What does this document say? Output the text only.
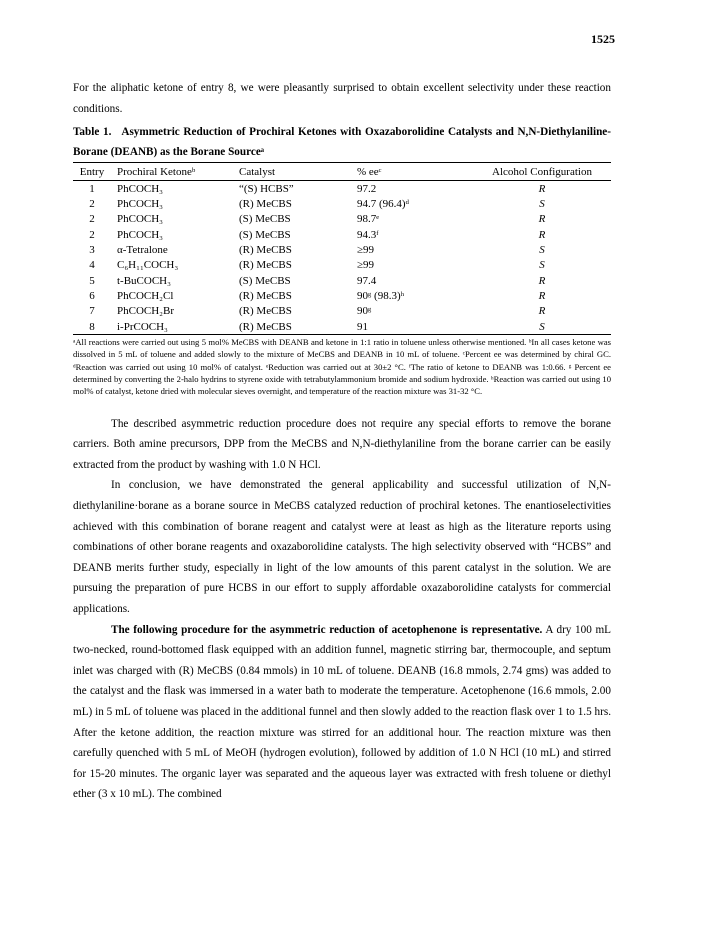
1525

For the aliphatic ketone of entry 8, we were pleasantly surprised to obtain excellent selectivity under these reaction conditions.

Table 1. Asymmetric Reduction of Prochiral Ketones with Oxazaborolidine Catalysts and N,N-Diethylaniline-Borane (DEANB) as the Borane Sourceᵃ

Entry	Prochiral Ketoneᵇ	Catalyst	% eeᶜ	Alcohol Configuration
1	PhCOCH₃	“(S) HCBS”	97.2	R
2	PhCOCH₃	(R) MeCBS	94.7 (96.4)ᵈ	S
2	PhCOCH₃	(S) MeCBS	98.7ᵉ	R
2	PhCOCH₃	(S) MeCBS	94.3ᶠ	R
3	α-Tetralone	(R) MeCBS	≥99	S
4	C₆H₁₁COCH₃	(R) MeCBS	≥99	S
5	t-BuCOCH₃	(S) MeCBS	97.4	R
6	PhCOCH₂Cl	(R) MeCBS	90ᵍ (98.3)ʰ	R
7	PhCOCH₂Br	(R) MeCBS	90ᵍ	R
8	i-PrCOCH₃	(R) MeCBS	91	S

ᵃAll reactions were carried out using 5 mol% MeCBS with DEANB and ketone in 1:1 ratio in toluene unless otherwise mentioned. ᵇIn all cases ketone was dissolved in 5 mL of toluene and added slowly to the mixture of MeCBS and DEANB in 10 mL of toluene. ᶜPercent ee was determined by chiral GC. ᵈReaction was carried out using 10 mol% of catalyst. ᵉReduction was carried out at 30±2 °C. ᶠThe ratio of ketone to DEANB was 1:0.66. ᵍ Percent ee determined by converting the 2-halo hydrins to styrene oxide with tetrabutylammonium bromide and sodium hydroxide. ʰReaction was carried out using 10 mol% of catalyst, ketone dried with molecular sieves overnight, and temperature of the reaction mixture was 31-32 °C.

The described asymmetric reduction procedure does not require any special efforts to remove the borane carriers. Both amine precursors, DPP from the MeCBS and N,N-diethylaniline from the borane carrier can be easily extracted from the product by washing with 1.0 N HCl.

In conclusion, we have demonstrated the general applicability and successful utilization of N,N-diethylaniline·borane as a borane source in MeCBS catalyzed reduction of prochiral ketones. The enantioselectivities achieved with this combination of borane reagent and catalyst were at least as high as the literature reports using combinations of other borane reagents and oxazaborolidine catalysts. The high selectivity observed with “HCBS” and DEANB merits further study, especially in light of the low amounts of this parent catalyst in the solution. We are pursuing the preparation of pure HCBS in our effort to supply affordable oxazaborolidine catalysts for commercial applications.

The following procedure for the asymmetric reduction of acetophenone is representative. A dry 100 mL two-necked, round-bottomed flask equipped with an addition funnel, magnetic stirring bar, thermocouple, and septum inlet was charged with (R) MeCBS (0.84 mmols) in 10 mL of toluene. DEANB (16.8 mmols, 2.74 gms) was added to the catalyst and the flask was immersed in a water bath to moderate the temperature. Acetophenone (16.6 mmols, 2.00 mL) in 5 mL of toluene was placed in the additional funnel and then slowly added to the reaction flask over 1 to 1.5 hrs. After the ketone addition, the reaction mixture was stirred for an additional hour. The reaction mixture was then carefully quenched with 5 mL of MeOH (hydrogen evolution), followed by addition of 1.0 N HCl (10 mL) and stirred for 15-20 minutes. The organic layer was separated and the aqueous layer was extracted with fresh toluene or diethyl ether (3 x 10 mL). The combined
